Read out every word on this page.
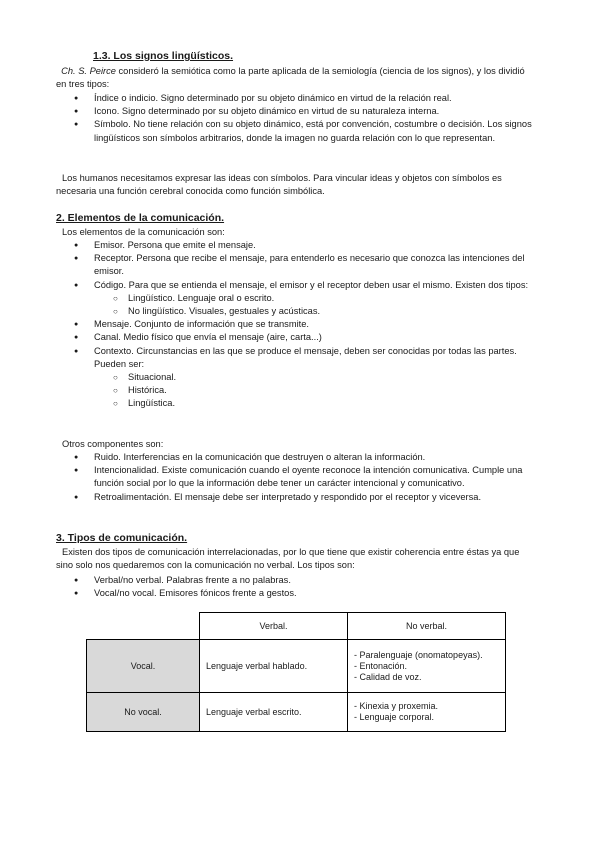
1.3. Los signos lingüísticos.

Ch. S. Peirce consideró la semiótica como la parte aplicada de la semiología (ciencia de los signos), y los dividió en tres tipos:

● Índice o indicio. Signo determinado por su objeto dinámico en virtud de la relación real.
● Icono. Signo determinado por su objeto dinámico en virtud de su naturaleza interna.
● Símbolo. No tiene relación con su objeto dinámico, está por convención, costumbre o decisión. Los signos lingüísticos son símbolos arbitrarios, donde la imagen no guarda relación con lo que representan.

Los humanos necesitamos expresar las ideas con símbolos. Para vincular ideas y objetos con símbolos es necesaria una función cerebral conocida como función simbólica.

2. Elementos de la comunicación.

Los elementos de la comunicación son:

● Emisor. Persona que emite el mensaje.
● Receptor. Persona que recibe el mensaje, para entenderlo es necesario que conozca las intenciones del emisor.
● Código. Para que se entienda el mensaje, el emisor y el receptor deben usar el mismo. Existen dos tipos:
○ Lingüístico. Lenguaje oral o escrito.
○ No lingüístico. Visuales, gestuales y acústicas.
● Mensaje. Conjunto de información que se transmite.
● Canal. Medio físico que envía el mensaje (aire, carta...)
● Contexto. Circunstancias en las que se produce el mensaje, deben ser conocidas por todas las partes. Pueden ser:
○ Situacional.
○ Histórica.
○ Lingüística.

Otros componentes son:

● Ruido. Interferencias en la comunicación que destruyen o alteran la información.
● Intencionalidad. Existe comunicación cuando el oyente reconoce la intención comunicativa. Cumple una función social por lo que la información debe tener un carácter intencional y comunicativo.
● Retroalimentación. El mensaje debe ser interpretado y respondido por el receptor y viceversa.
3. Tipos de comunicación.

Existen dos tipos de comunicación interrelacionadas, por lo que tiene que existir coherencia entre éstas ya que sino solo nos quedaremos con la comunicación no verbal. Los tipos son:

● Verbal/no verbal. Palabras frente a no palabras.
● Vocal/no vocal. Emisores fónicos frente a gestos.
	Verbal.	No verbal.
Vocal.	Lenguaje verbal hablado.	- Paralenguaje (onomatopeyas).
- Entonación.
- Calidad de voz.

No vocal.	Lenguaje verbal escrito.	- Kinexia y proxemia.
- Lenguaje corporal.
